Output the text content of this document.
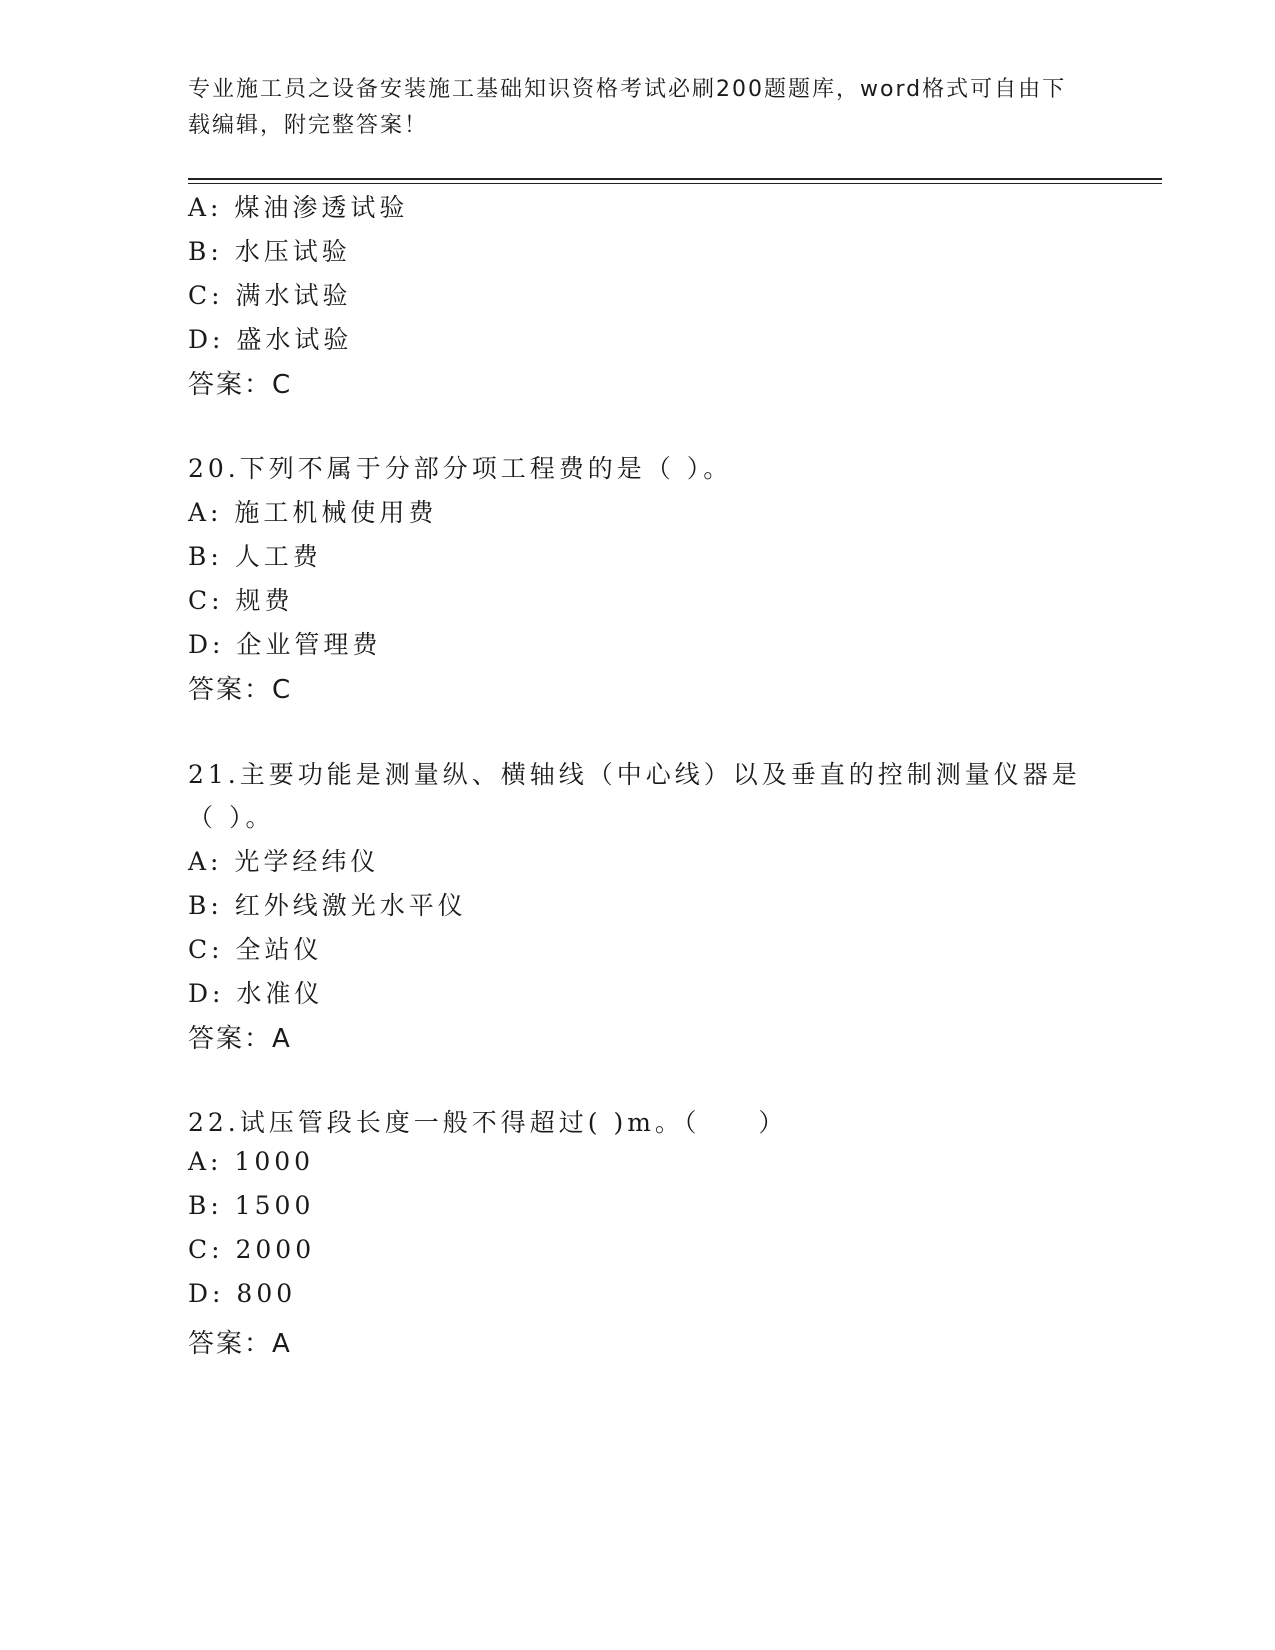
专业施工员之设备安装施工基础知识资格考试必刷200题题库，word格式可自由下载编辑，附完整答案！
A: 煤油渗透试验
B: 水压试验
C: 满水试验
D: 盛水试验
答案：C
20.下列不属于分部分项工程费的是（ ）。
A: 施工机械使用费
B: 人工费
C: 规费
D: 企业管理费
答案：C
21.主要功能是测量纵、横轴线（中心线）以及垂直的控制测量仪器是
（ ）。
A: 光学经纬仪
B: 红外线激光水平仪
C: 全站仪
D: 水准仪
答案：A
22.试压管段长度一般不得超过( )m。（　　）
A: 1000
B: 1500
C: 2000
D: 800
答案：A
